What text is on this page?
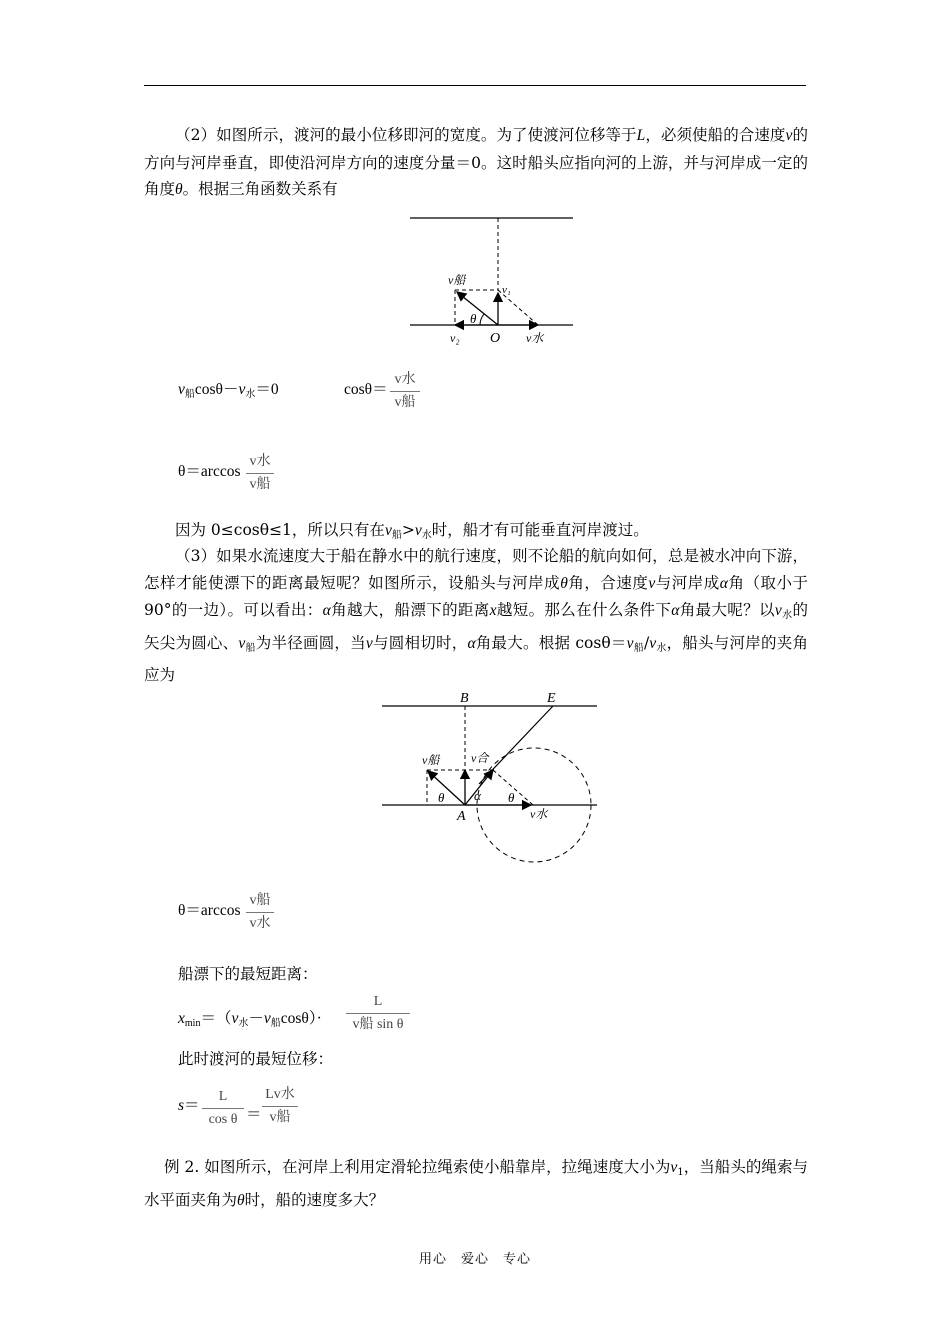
（2）如图所示，渡河的最小位移即河的宽度。为了使渡河位移等于L，必须使船的合速度v的方向与河岸垂直，即使沿河岸方向的速度分量＝0。这时船头应指向河的上游，并与河岸成一定的角度θ。根据三角函数关系有
v船
v₁
θ
v₂ O v水
$v_船\cos\theta-v_水=0$	cosθ＝
v水
v船
θ＝arccos
v水
v船
因为 0≤cosθ≤1，所以只有在$v_船>v_水$时，船才有可能垂直河岸渡过。
（3）如果水流速度大于船在静水中的航行速度，则不论船的航向如何，总是被水冲向下游，怎样才能使漂下的距离最短呢？如图所示，设船头与河岸成θ角，合速度v与河岸成α角（取小于 90°的一边）。可以看出：α角越大，船漂下的距离x越短。那么在什么条件下α角最大呢？以$v_水$的矢尖为圆心、$v_船$为半径画圆，当v与圆相切时，α角最大。根据 $\cos\theta=v_船/v_水$，船头与河岸的夹角应为
B	E
v船	v合
θ α θ
A	v水
θ＝arccos
v船
v水
船漂下的最短距离：
$x_{min}=(v_水-v_船\cos\theta)\cdot$
L
v船 sin θ
此时渡河的最短位移：
s＝
L
cos θ ＝
Lv水
v船
例 2. 如图所示，在河岸上利用定滑轮拉绳索使小船靠岸，拉绳速度大小为$v_1$，当船头的绳索与水平面夹角为θ时，船的速度多大？
用心　爱心　专心
